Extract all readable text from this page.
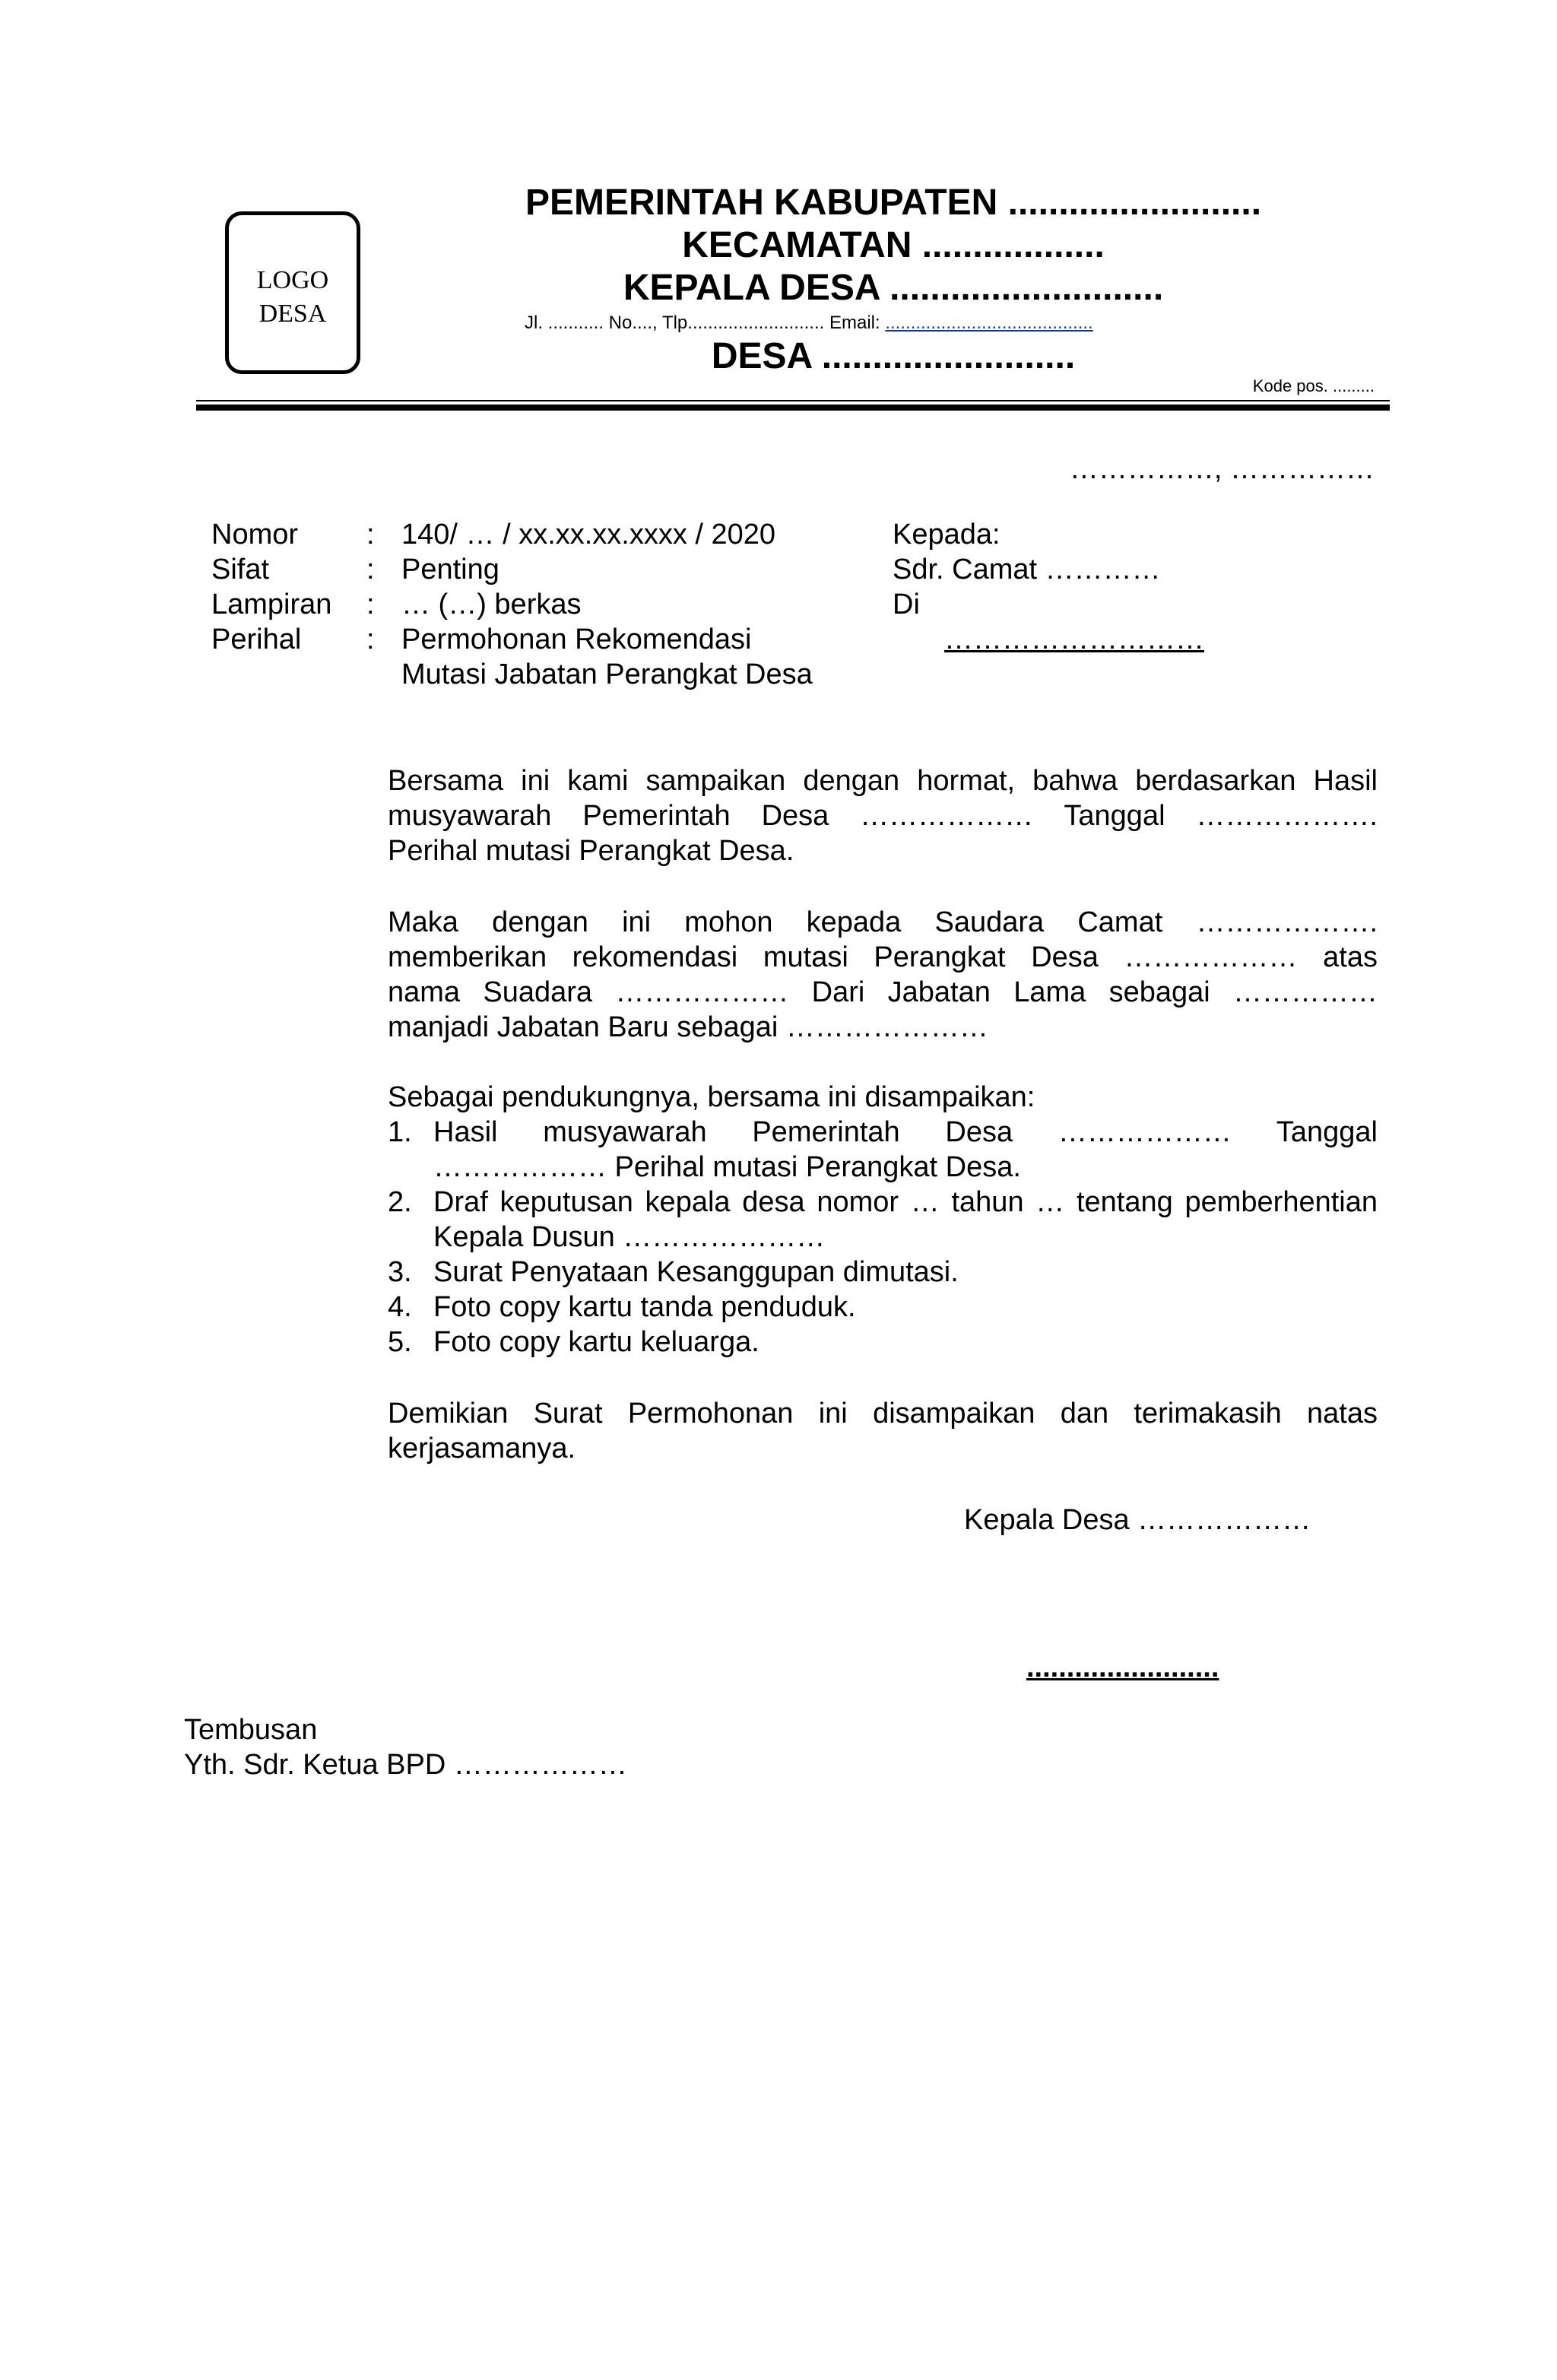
LOGO
DESA
PEMERINTAH KABUPATEN .........................
KECAMATAN ..................
KEPALA DESA ...........................
Jl. ........... No...., Tlp........................... Email: .........................................
DESA .........................
Kode pos. .........
……………, ……………
Nomor : 140/ … / xx.xx.xx.xxxx / 2020
Sifat	: Penting
Lampiran : … (…) berkas
Perihal : Permohonan Rekomendasi
Mutasi Jabatan Perangkat Desa
Kepada:
Sdr. Camat …………
Di
………………………
Bersama ini kami sampaikan dengan hormat, bahwa berdasarkan Hasil
musyawarah Pemerintah Desa ……………… Tanggal ……………….
Perihal mutasi Perangkat Desa.
Maka dengan ini mohon kepada Saudara Camat ……………….
memberikan rekomendasi mutasi Perangkat Desa ……………… atas
nama Suadara ……………… Dari Jabatan Lama sebagai ……………
manjadi Jabatan Baru sebagai …………………
Sebagai pendukungnya, bersama ini disampaikan:
1. Hasil musyawarah Pemerintah Desa ……………… Tanggal
……………… Perihal mutasi Perangkat Desa.
2. Draf keputusan kepala desa nomor … tahun … tentang pemberhentian
Kepala Dusun …………………
3. Surat Penyataan Kesanggupan dimutasi.
4. Foto copy kartu tanda penduduk.
5. Foto copy kartu keluarga.
Demikian Surat Permohonan ini disampaikan dan terimakasih natas
kerjasamanya.
Kepala Desa ………………
........................
Tembusan
Yth. Sdr. Ketua BPD ………………
